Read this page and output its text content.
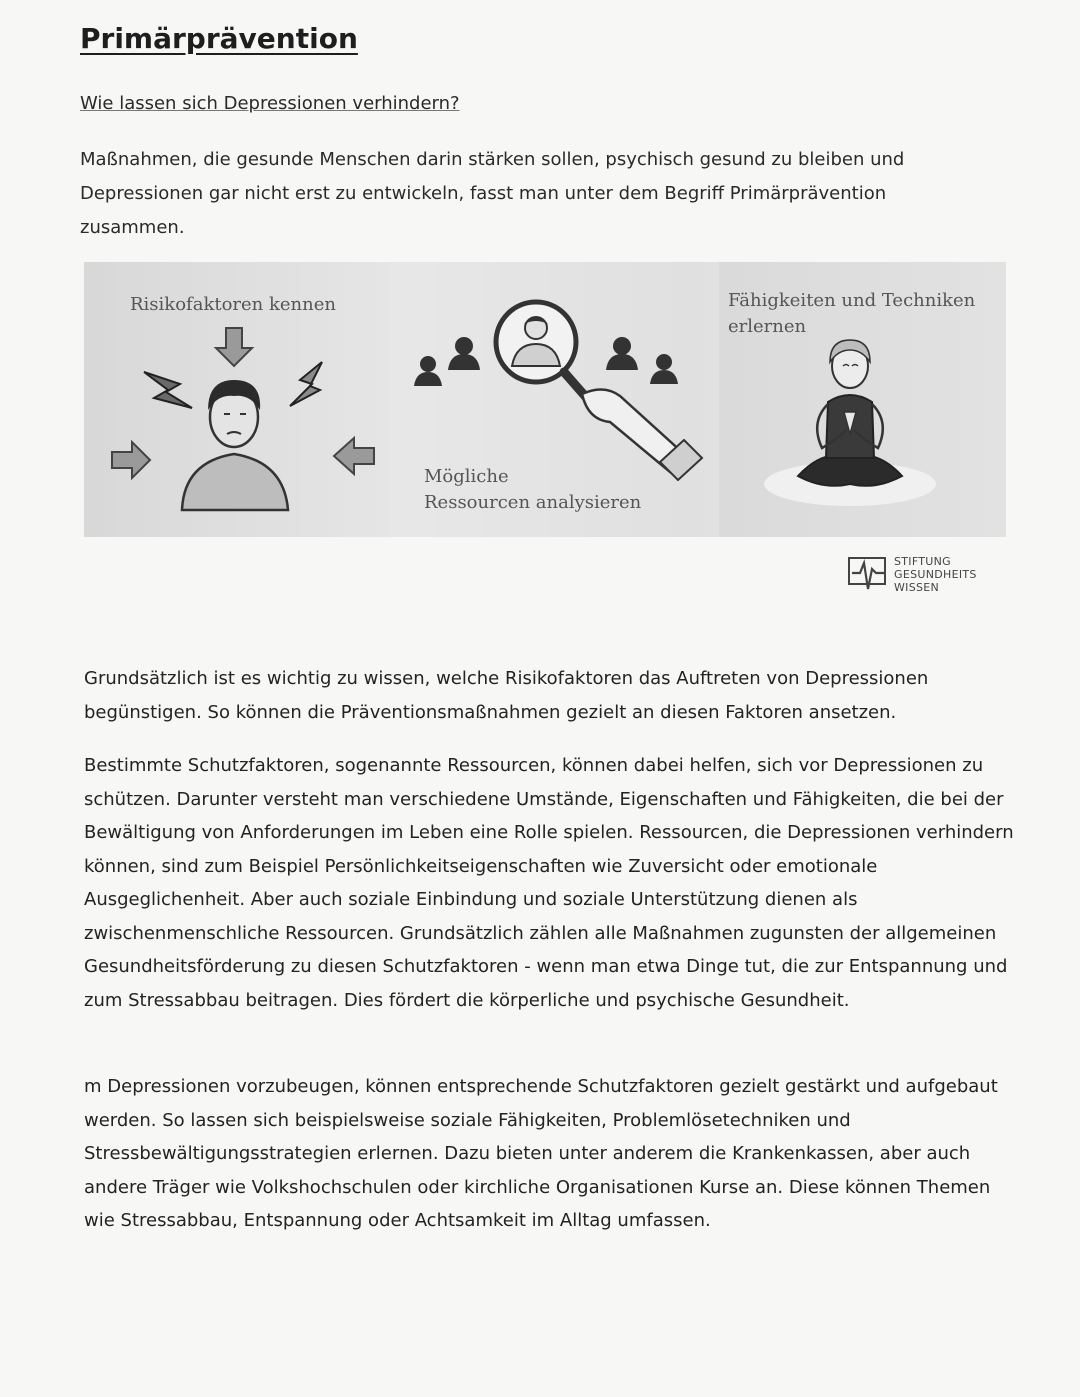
Primärprävention

Wie lassen sich Depressionen verhindern?

Maßnahmen, die gesunde Menschen darin stärken sollen, psychisch gesund zu bleiben und Depressionen gar nicht erst zu entwickeln, fasst man unter dem Begriff Primärprävention zusammen.

Risikofaktoren kennen

Mögliche
Ressourcen analysieren

Fähigkeiten und Techniken
erlernen

STIFTUNG
GESUNDHEITS
WISSEN

Grundsätzlich ist es wichtig zu wissen, welche Risikofaktoren das Auftreten von Depressionen begünstigen. So können die Präventionsmaßnahmen gezielt an diesen Faktoren ansetzen.

Bestimmte Schutzfaktoren, sogenannte Ressourcen, können dabei helfen, sich vor Depressionen zu schützen. Darunter versteht man verschiedene Umstände, Eigenschaften und Fähigkeiten, die bei der Bewältigung von Anforderungen im Leben eine Rolle spielen. Ressourcen, die Depressionen verhindern können, sind zum Beispiel Persönlichkeitseigenschaften wie Zuversicht oder emotionale Ausgeglichenheit. Aber auch soziale Einbindung und soziale Unterstützung dienen als zwischenmenschliche Ressourcen. Grundsätzlich zählen alle Maßnahmen zugunsten der allgemeinen Gesundheitsförderung zu diesen Schutzfaktoren - wenn man etwa Dinge tut, die zur Entspannung und zum Stressabbau beitragen. Dies fördert die körperliche und psychische Gesundheit.

m Depressionen vorzubeugen, können entsprechende Schutzfaktoren gezielt gestärkt und aufgebaut werden. So lassen sich beispielsweise soziale Fähigkeiten, Problemlösetechniken und Stressbewältigungsstrategien erlernen. Dazu bieten unter anderem die Krankenkassen, aber auch andere Träger wie Volkshochschulen oder kirchliche Organisationen Kurse an. Diese können Themen wie Stressabbau, Entspannung oder Achtsamkeit im Alltag umfassen.
